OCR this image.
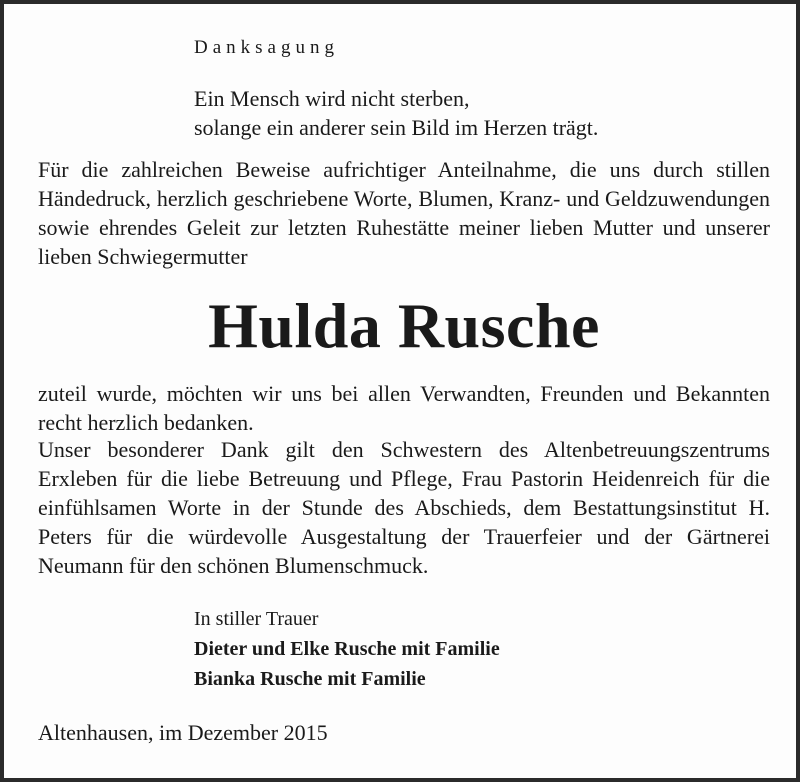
Danksagung
Ein Mensch wird nicht sterben,
solange ein anderer sein Bild im Herzen trägt.
Für die zahlreichen Beweise aufrichtiger Anteilnahme, die uns durch stillen Händedruck, herzlich geschriebene Worte, Blumen, Kranz- und Geldzuwendungen sowie ehrendes Geleit zur letzten Ruhestätte meiner lieben Mutter und unserer lieben Schwiegermutter
Hulda Rusche
zuteil wurde, möchten wir uns bei allen Verwandten, Freunden und Bekannten recht herzlich bedanken.
Unser besonderer Dank gilt den Schwestern des Altenbetreuungszentrums Erxleben für die liebe Betreuung und Pflege, Frau Pastorin Heidenreich für die einfühlsamen Worte in der Stunde des Abschieds, dem Bestattungsinstitut H. Peters für die würdevolle Ausgestaltung der Trauerfeier und der Gärtnerei Neumann für den schönen Blumenschmuck.
In stiller Trauer
Dieter und Elke Rusche mit Familie
Bianka Rusche mit Familie
Altenhausen, im Dezember 2015
